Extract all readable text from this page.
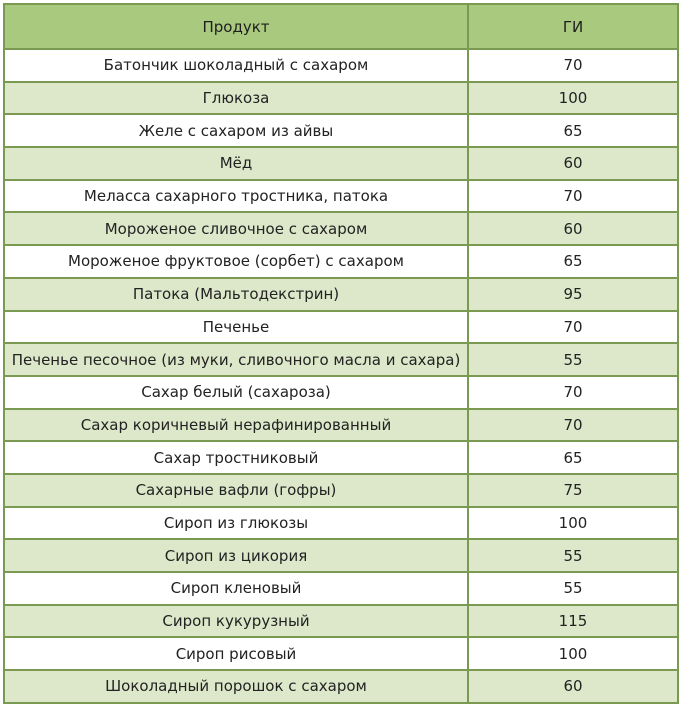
Продукт	ГИ
Батончик шоколадный с сахаром	70
Глюкоза	100
Желе с сахаром из айвы	65
Мёд	60
Меласса сахарного тростника, патока	70
Мороженое сливочное с сахаром	60
Мороженое фруктовое (сорбет) с сахаром	65
Патока (Мальтодекстрин)	95
Печенье	70
Печенье песочное (из муки, сливочного масла и сахара)	55
Сахар белый (сахароза)	70
Сахар коричневый нерафинированный	70
Сахар тростниковый	65
Сахарные вафли (гофры)	75
Сироп из глюкозы	100
Сироп из цикория	55
Сироп кленовый	55
Сироп кукурузный	115
Сироп рисовый	100
Шоколадный порошок с сахаром	60
